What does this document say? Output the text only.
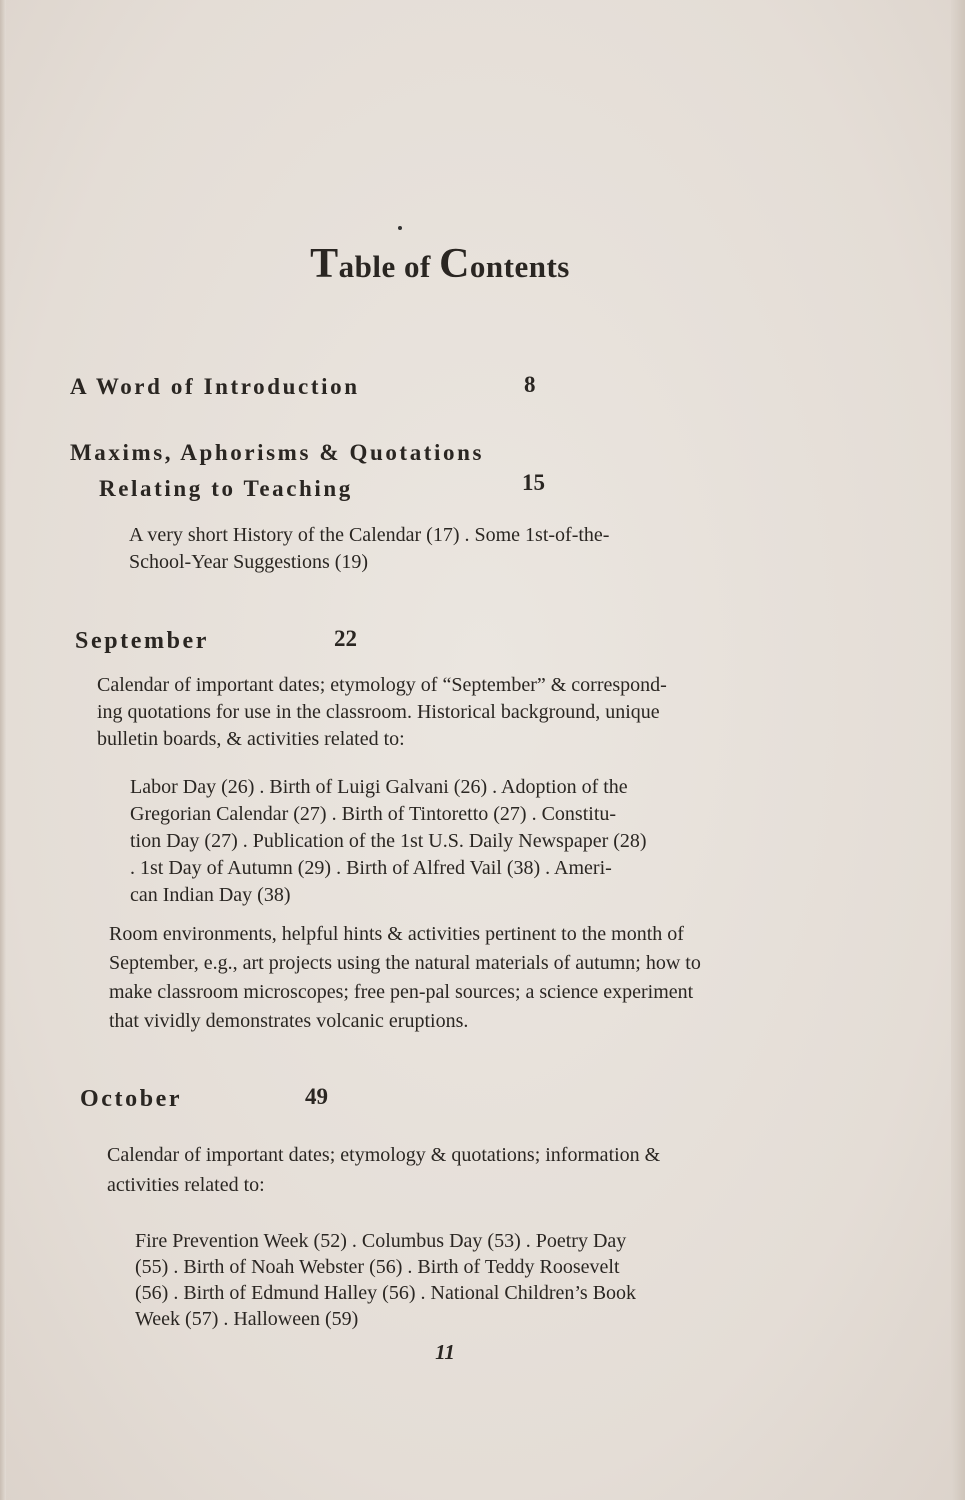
Table of Contents
A Word of Introduction	8
Maxims, Aphorisms & Quotations
Relating to Teaching	15

A very short History of the Calendar (17) . Some 1st-of-the-

School-Year Suggestions (19)

September	22

Calendar of important dates; etymology of “September” & correspond-

ing quotations for use in the classroom. Historical background, unique

bulletin boards, & activities related to:

Labor Day (26) . Birth of Luigi Galvani (26) . Adoption of the

Gregorian Calendar (27) . Birth of Tintoretto (27) . Constitu-

tion Day (27) . Publication of the 1st U.S. Daily Newspaper (28)

. 1st Day of Autumn (29) . Birth of Alfred Vail (38) . Ameri-

can Indian Day (38)

Room environments, helpful hints & activities pertinent to the month of

September, e.g., art projects using the natural materials of autumn; how to

make classroom microscopes; free pen-pal sources; a science experiment

that vividly demonstrates volcanic eruptions.

October	49

Calendar of important dates; etymology & quotations; information &

activities related to:

Fire Prevention Week (52) . Columbus Day (53) . Poetry Day

(55) . Birth of Noah Webster (56) . Birth of Teddy Roosevelt

(56) . Birth of Edmund Halley (56) . National Children’s Book

Week (57) . Halloween (59)

11
